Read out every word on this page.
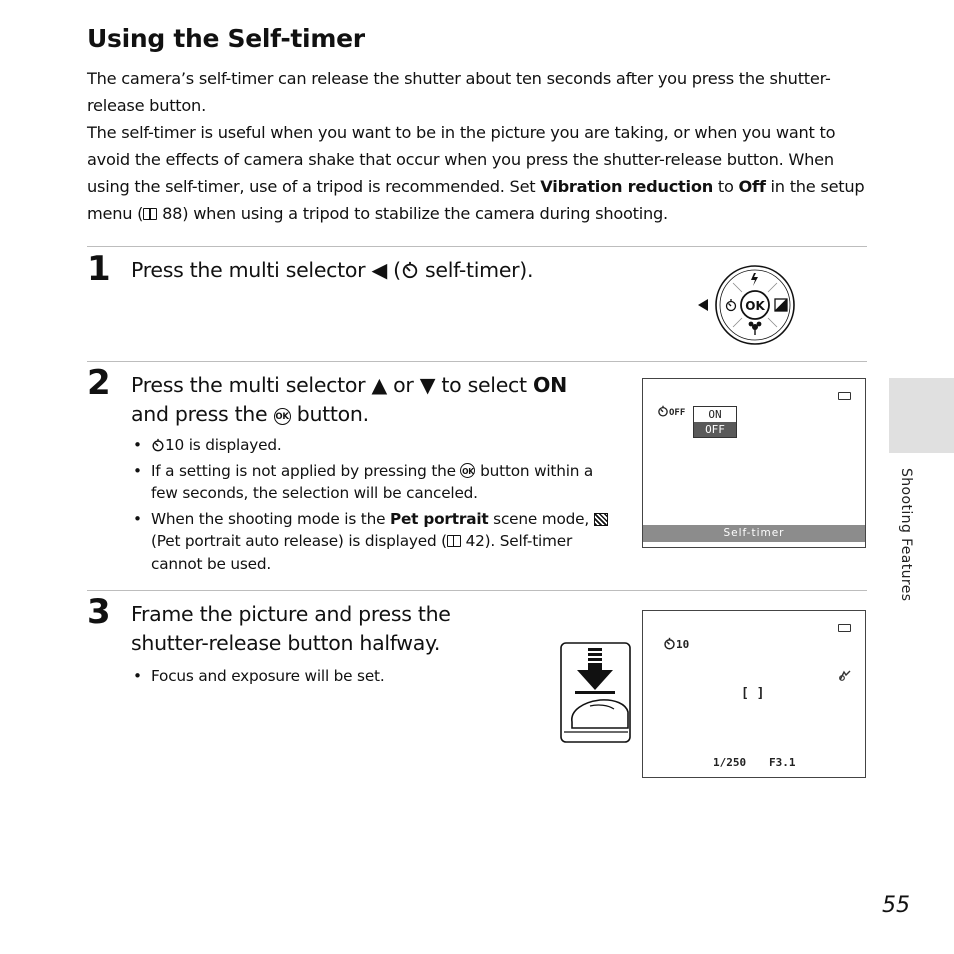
Using the Self-timer
The camera’s self-timer can release the shutter about ten seconds after you press the shutter-release button.
The self-timer is useful when you want to be in the picture you are taking, or when you want to avoid the effects of camera shake that occur when you press the shutter-release button. When using the self-timer, use of a tripod is recommended. Set Vibration reduction to Off in the setup menu ( 88) when using a tripod to stabilize the camera during shooting.
1 Press the multi selector ◀ ( self-timer).
OK
2 Press the multi selector ▲ or ▼ to select ON
and press the OK button.
• 10 is displayed.
• If a setting is not applied by pressing the OK button within a few seconds, the selection will be canceled.
• When the shooting mode is the Pet portrait scene mode,  (Pet portrait auto release) is displayed ( 42). Self-timer cannot be used.
OFF	ON
OFF
Self-timer
3 Frame the picture and press the shutter-release button halfway.
• Focus and exposure will be set.
10
[ ]
1/250 F3.1
Shooting Features
55
